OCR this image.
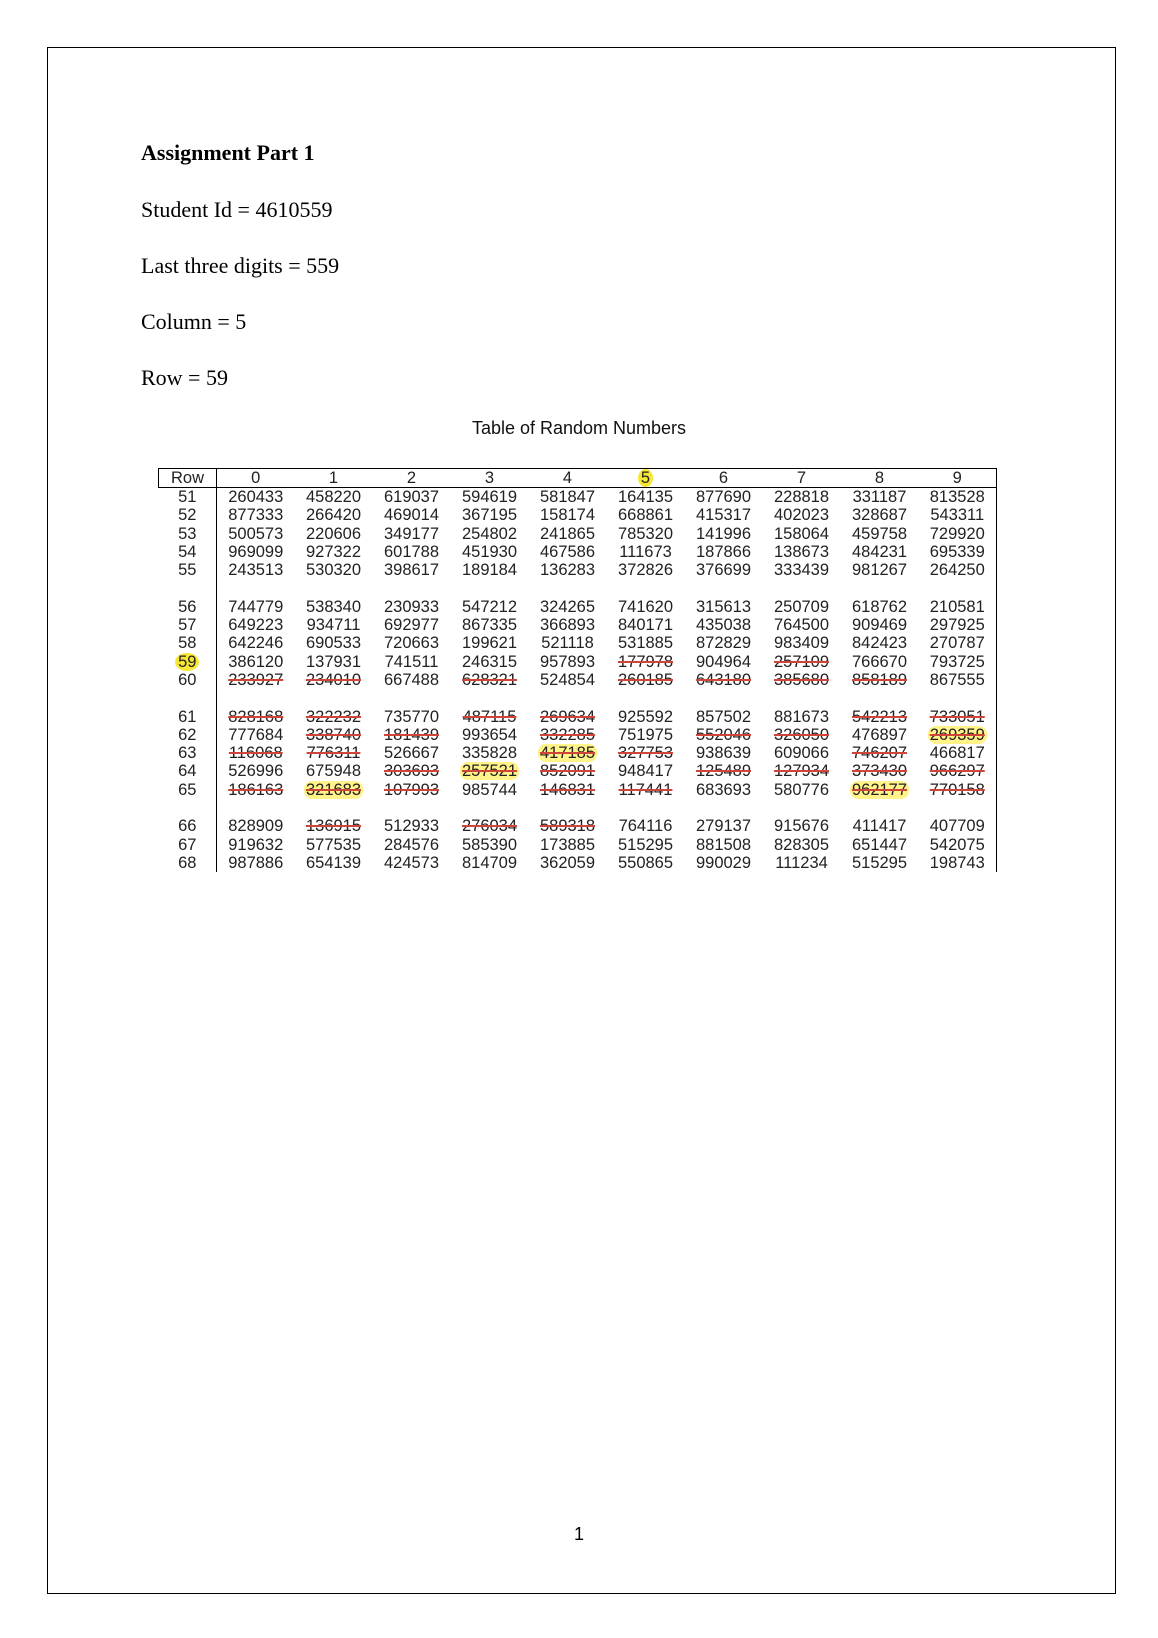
Assignment Part 1
Student Id = 4610559
Last three digits = 559
Column = 5
Row = 59
Table of Random Numbers
Row	0	1	2	3	4	5	6	7	8	9
51	260433	458220	619037	594619	581847	164135	877690	228818	331187	813528
52	877333	266420	469014	367195	158174	668861	415317	402023	328687	543311
53	500573	220606	349177	254802	241865	785320	141996	158064	459758	729920
54	969099	927322	601788	451930	467586	111673	187866	138673	484231	695339
55	243513	530320	398617	189184	136283	372826	376699	333439	981267	264250

56	744779	538340	230933	547212	324265	741620	315613	250709	618762	210581
57	649223	934711	692977	867335	366893	840171	435038	764500	909469	297925
58	642246	690533	720663	199621	521118	531885	872829	983409	842423	270787
59	386120	137931	741511	246315	957893	177978	904964	257109	766670	793725
60	233927	234010	667488	628321	524854	260185	643180	385680	858189	867555

61	828168	322232	735770	487115	269634	925592	857502	881673	542213	733051
62	777684	338740	181439	993654	332285	751975	552046	326050	476897	269359
63	116068	776311	526667	335828	417185	327753	938639	609066	746207	466817
64	526996	675948	303693	257521	852091	948417	125489	127934	373430	966297
65	186163	321683	107993	985744	146831	117441	683693	580776	962177	770158

66	828909	136915	512933	276034	589318	764116	279137	915676	411417	407709
67	919632	577535	284576	585390	173885	515295	881508	828305	651447	542075
68	987886	654139	424573	814709	362059	550865	990029	111234	515295	198743
1
